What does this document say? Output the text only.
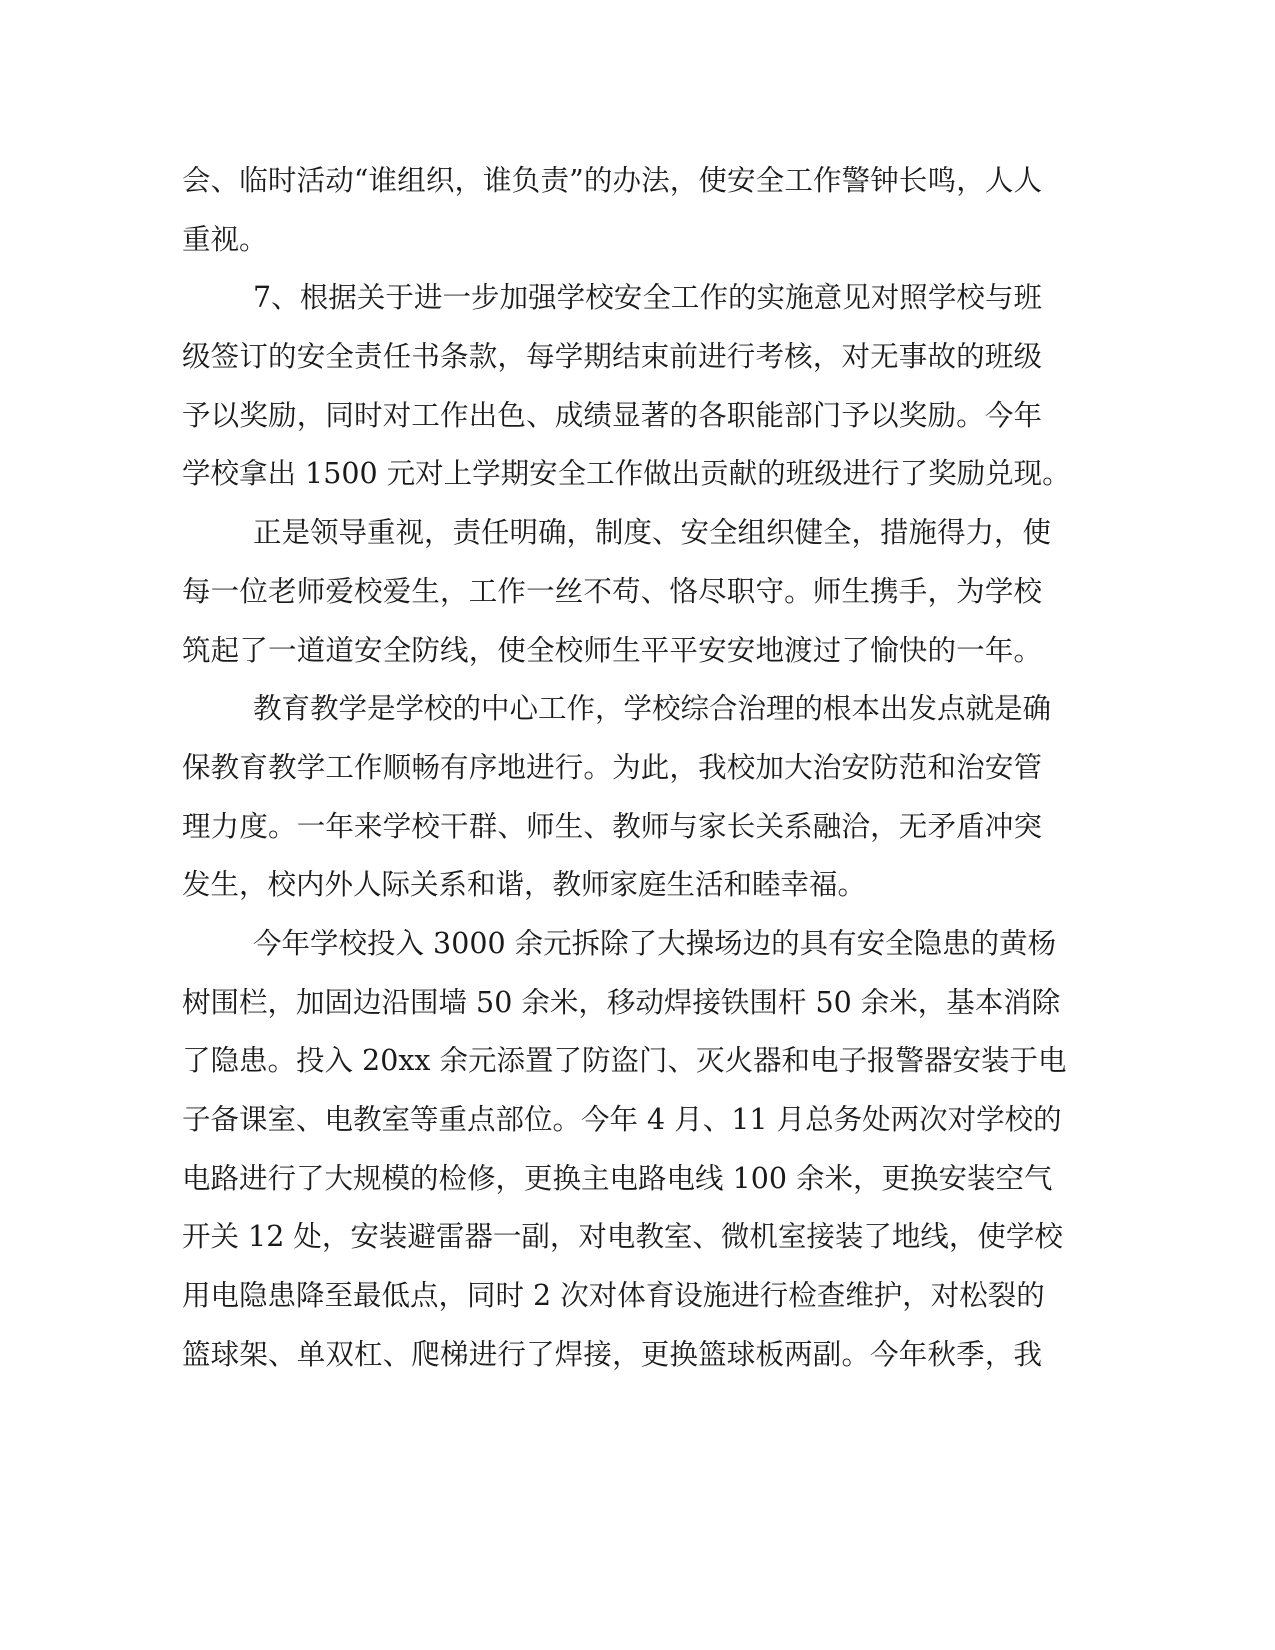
会、临时活动“谁组织，谁负责”的办法，使安全工作警钟长鸣，人人
重视。
7、根据关于进一步加强学校安全工作的实施意见对照学校与班
级签订的安全责任书条款，每学期结束前进行考核，对无事故的班级
予以奖励，同时对工作出色、成绩显著的各职能部门予以奖励。今年
学校拿出 1500 元对上学期安全工作做出贡献的班级进行了奖励兑现。
正是领导重视，责任明确，制度、安全组织健全，措施得力，使
每一位老师爱校爱生，工作一丝不苟、恪尽职守。师生携手，为学校
筑起了一道道安全防线，使全校师生平平安安地渡过了愉快的一年。
教育教学是学校的中心工作，学校综合治理的根本出发点就是确
保教育教学工作顺畅有序地进行。为此，我校加大治安防范和治安管
理力度。一年来学校干群、师生、教师与家长关系融洽，无矛盾冲突
发生，校内外人际关系和谐，教师家庭生活和睦幸福。
今年学校投入 3000 余元拆除了大操场边的具有安全隐患的黄杨
树围栏，加固边沿围墙 50 余米，移动焊接铁围杆 50 余米，基本消除
了隐患。投入 20xx 余元添置了防盗门、灭火器和电子报警器安装于电
子备课室、电教室等重点部位。今年 4 月、11 月总务处两次对学校的
电路进行了大规模的检修，更换主电路电线 100 余米，更换安装空气
开关 12 处，安装避雷器一副，对电教室、微机室接装了地线，使学校
用电隐患降至最低点，同时 2 次对体育设施进行检查维护，对松裂的
篮球架、单双杠、爬梯进行了焊接，更换篮球板两副。今年秋季，我
